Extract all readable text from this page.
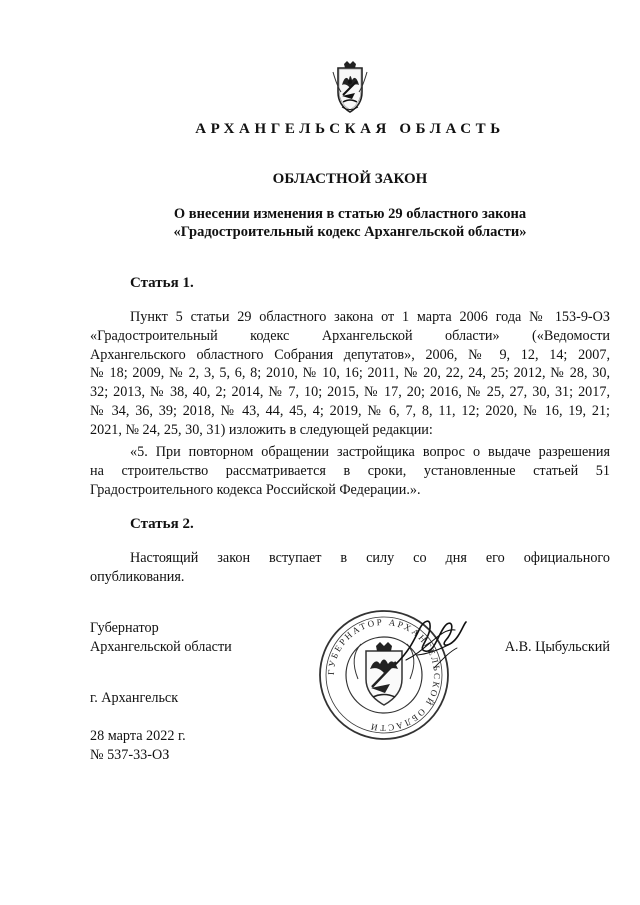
АРХАНГЕЛЬСКАЯ ОБЛАСТЬ
ОБЛАСТНОЙ ЗАКОН
О внесении изменения в статью 29 областного закона
«Градостроительный кодекс Архангельской области»
Статья 1.
Пункт 5 статьи 29 областного закона от 1 марта 2006 года № 153-9-ОЗ
«Градостроительный кодекс Архангельской области» («Ведомости
Архангельского областного Собрания депутатов», 2006, № 9, 12, 14; 2007,
№ 18; 2009, № 2, 3, 5, 6, 8; 2010, № 10, 16; 2011, № 20, 22, 24, 25; 2012, № 28, 30,
32; 2013, № 38, 40, 2; 2014, № 7, 10; 2015, № 17, 20; 2016, № 25, 27, 30, 31; 2017,
№ 34, 36, 39; 2018, № 43, 44, 45, 4; 2019, № 6, 7, 8, 11, 12; 2020, № 16, 19, 21;
2021, № 24, 25, 30, 31) изложить в следующей редакции:
«5. При повторном обращении застройщика вопрос о выдаче разрешения
на строительство рассматривается в сроки, установленные статьей 51
Градостроительного кодекса Российской Федерации.».
Статья 2.
Настоящий закон вступает в силу со дня его официального
опубликования.
ГУБЕРНАТОР АРХАНГЕЛЬСКОЙ ОБЛАСТИ
Губернатор
Архангельской области	А.В. Цыбульский
г. Архангельск
28 марта 2022 г.
№ 537-33-ОЗ
